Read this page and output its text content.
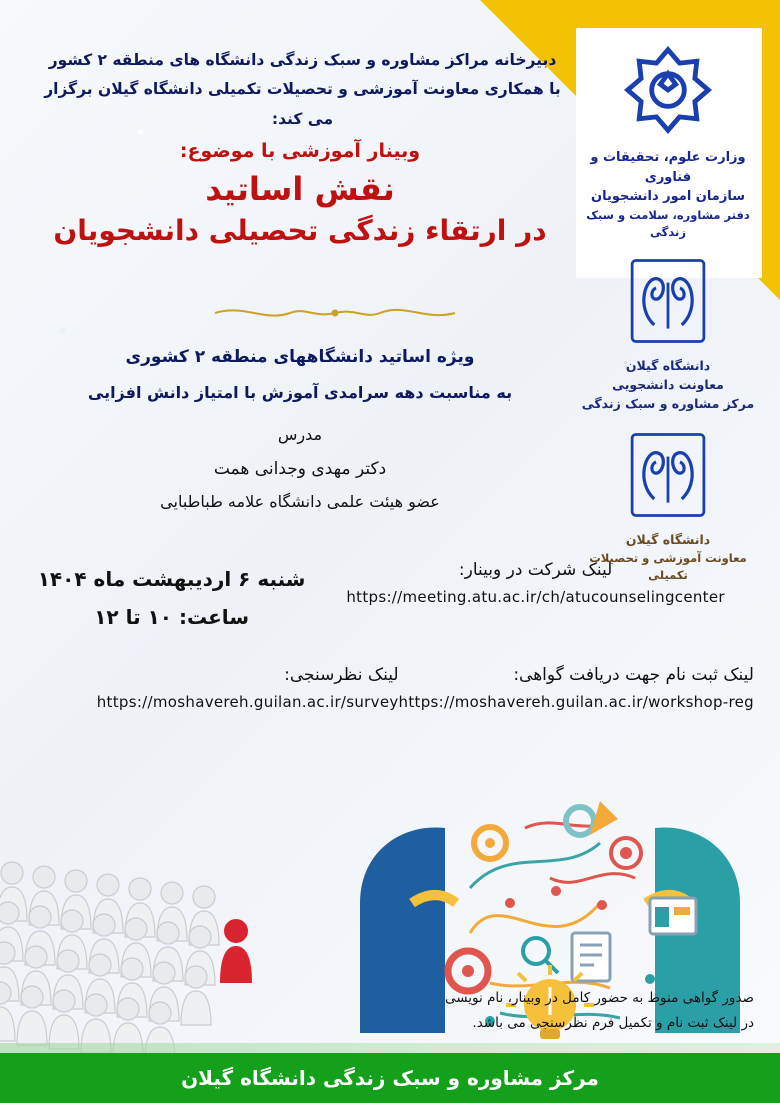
وزارت علوم، تحقیقات و فناوری
سازمان امور دانشجویان
دفتر مشاوره، سلامت و سبک زندگی
دانشگاه گیلان
معاونت دانشجویی
مرکز مشاوره و سبک زندگی
دانشگاه گیلان
معاونت آموزشی و تحصیلات تکمیلی
دبیرخانه مراکز مشاوره و سبک زندگی دانشگاه های منطقه ۲ کشور
با همکاری معاونت آموزشی و تحصیلات تکمیلی دانشگاه گیلان برگزار می کند:
وبینار آموزشی با موضوع:
نقش اساتید
در ارتقاء زندگی تحصیلی دانشجویان
ویژه اساتید دانشگاههای منطقه ۲ کشوری
به مناسبت دهه سرامدی آموزش با امتیاز دانش افزایی
مدرس
دکتر مهدی وجدانی همت
عضو هیئت علمی دانشگاه علامه طباطبایی
لینک شرکت در وبینار:
https://meeting.atu.ac.ir/ch/atucounselingcenter
شنبه ۶ اردیبهشت ماه ۱۴۰۴
ساعت: ۱۰ تا ۱۲
لینک ثبت نام جهت دریافت گواهی:
https://moshavereh.guilan.ac.ir/workshop-reg
لینک نظرسنجی:
https://moshavereh.guilan.ac.ir/survey
صدور گواهی منوط به حضور کامل در وبینار، نام نویسی
در لینک ثبت نام و تکمیل فرم نظرسنجی می باشد.
مرکز مشاوره و سبک زندگی دانشگاه گیلان
